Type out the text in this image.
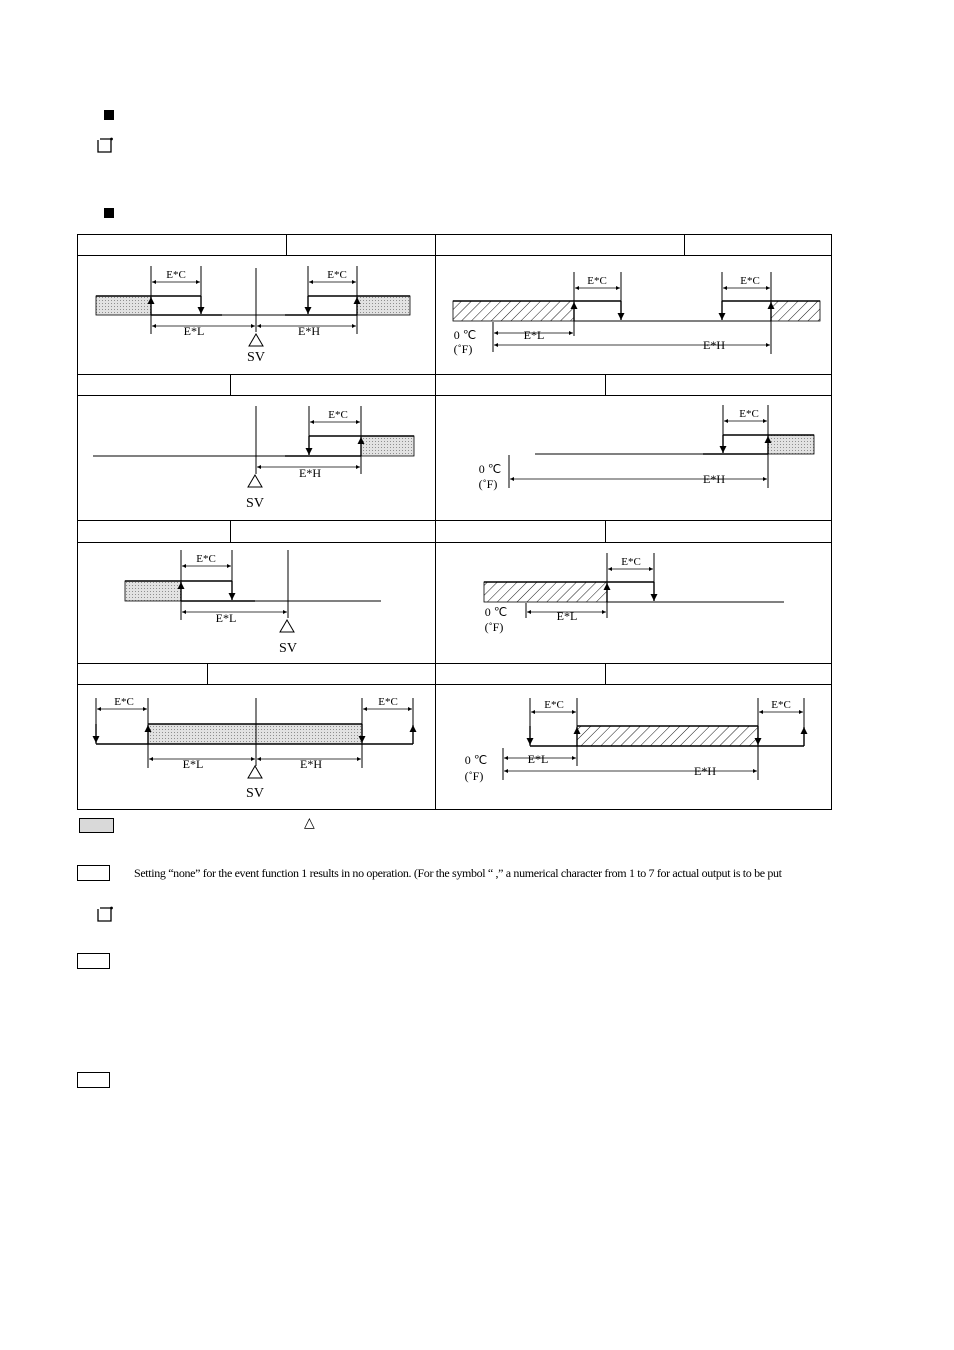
E*C	E*C
E*L	E*H
SV
E*C	E*C
E*L
E*H
0 ℃
(˚F)
E*C
E*H
SV
E*C
E*H
0 ℃
(˚F)
E*C
E*L
SV
E*C
E*L
0 ℃
(˚F)
E*C	E*C
E*L	E*H
SV
E*C	E*C
E*L
E*H
0 ℃
(˚F)
△
Setting “none” for the event function 1 results in no operation. (For the symbol “ ,” a numerical character from 1 to 7 for actual output is to be put
